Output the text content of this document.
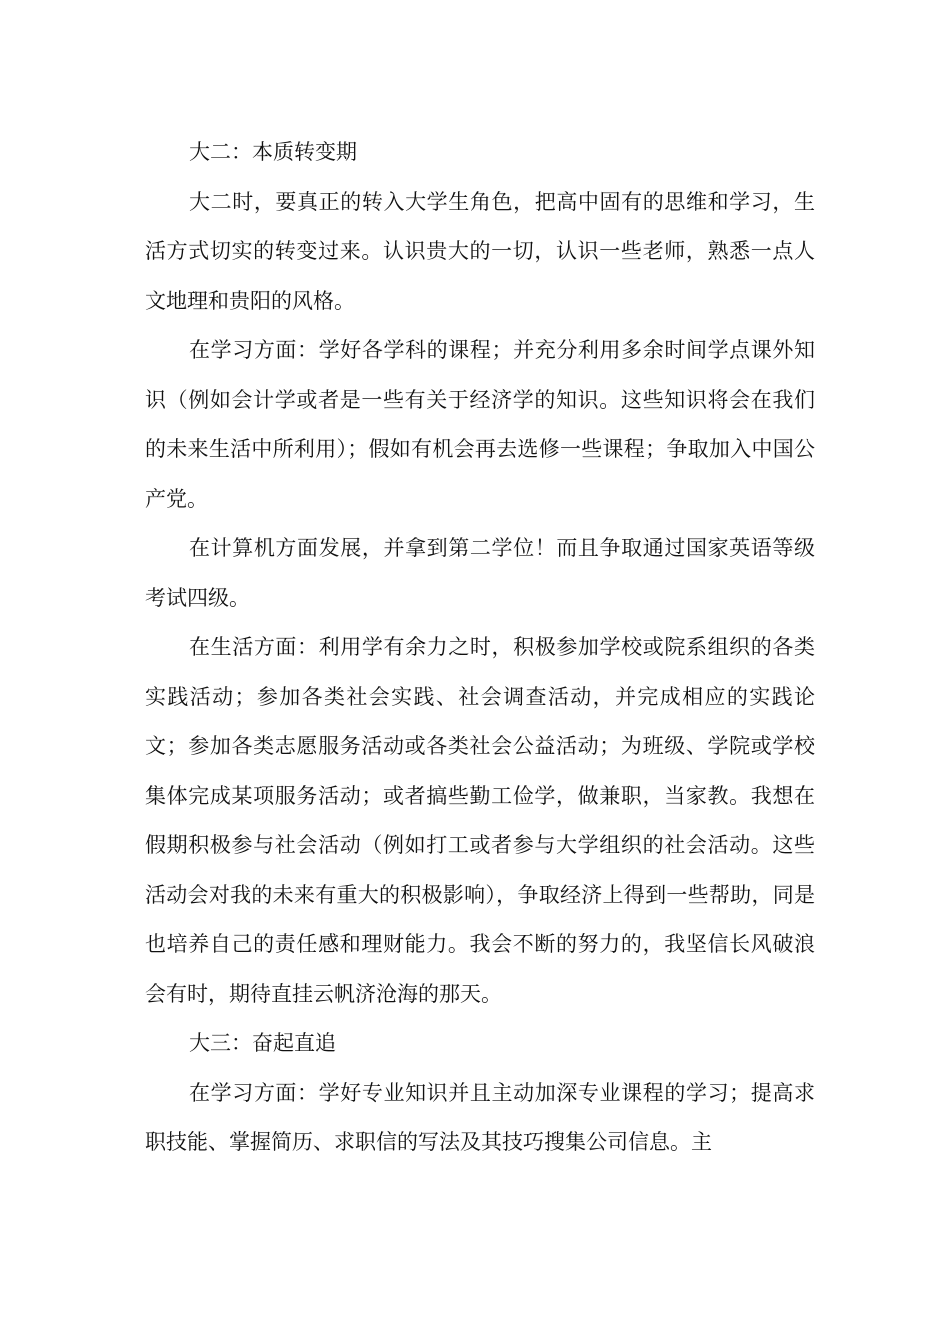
大二：本质转变期

大二时，要真正的转入大学生角色，把高中固有的思维和学习，生活方式切实的转变过来。认识贵大的一切，认识一些老师，熟悉一点人文地理和贵阳的风格。

在学习方面：学好各学科的课程；并充分利用多余时间学点课外知识（例如会计学或者是一些有关于经济学的知识。这些知识将会在我们的未来生活中所利用）；假如有机会再去选修一些课程；争取加入中国公产党。

在计算机方面发展，并拿到第二学位！而且争取通过国家英语等级考试四级。

在生活方面：利用学有余力之时，积极参加学校或院系组织的各类实践活动；参加各类社会实践、社会调查活动，并完成相应的实践论文；参加各类志愿服务活动或各类社会公益活动；为班级、学院或学校集体完成某项服务活动；或者搞些勤工俭学，做兼职，当家教。我想在假期积极参与社会活动（例如打工或者参与大学组织的社会活动。这些活动会对我的未来有重大的积极影响），争取经济上得到一些帮助，同是也培养自己的责任感和理财能力。我会不断的努力的，我坚信长风破浪会有时，期待直挂云帆济沧海的那天。

大三：奋起直追

在学习方面：学好专业知识并且主动加深专业课程的学习；提高求职技能、掌握简历、求职信的写法及其技巧搜集公司信息。主
